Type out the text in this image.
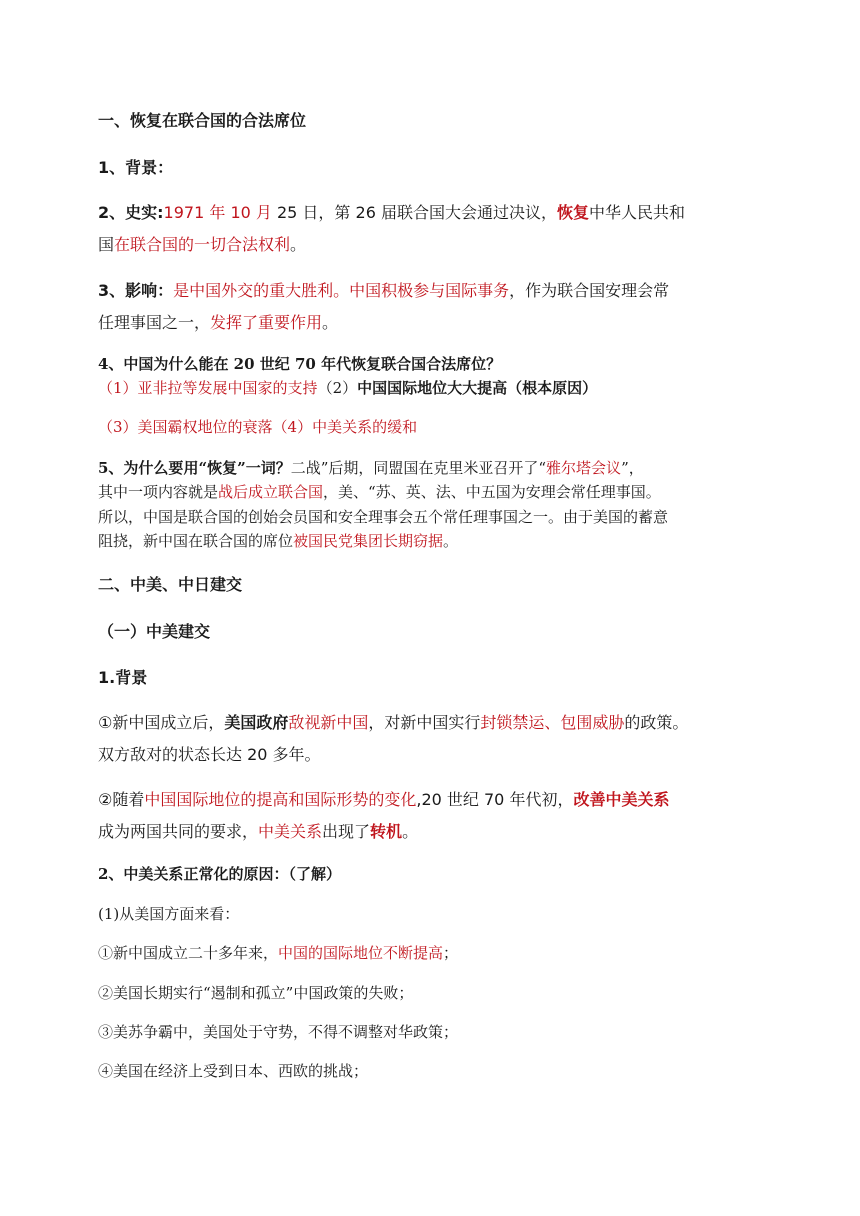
一、恢复在联合国的合法席位
1、背景：
2、史实:1971 年 10 月 25 日，第 26 届联合国大会通过决议，恢复中华人民共和
国在联合国的一切合法权利。
3、影响：是中国外交的重大胜利。中国积极参与国际事务，作为联合国安理会常
任理事国之一，发挥了重要作用。
4、中国为什么能在 20 世纪 70 年代恢复联合国合法席位？
（1）亚非拉等发展中国家的支持（2）中国国际地位大大提高（根本原因）
（3）美国霸权地位的衰落（4）中美关系的缓和
5、为什么要用“恢复”一词？二战”后期，同盟国在克里米亚召开了“雅尔塔会议”，
其中一项内容就是战后成立联合国，美、“苏、英、法、中五国为安理会常任理事国。
所以，中国是联合国的创始会员国和安全理事会五个常任理事国之一。由于美国的蓄意
阻挠，新中国在联合国的席位被国民党集团长期窃据。
二、中美、中日建交
（一）中美建交
1.背景
①新中国成立后，美国政府敌视新中国，对新中国实行封锁禁运、包围威胁的政策。
双方敌对的状态长达 20 多年。
②随着中国国际地位的提高和国际形势的变化,20 世纪 70 年代初，改善中美关系
成为两国共同的要求，中美关系出现了转机。
2、中美关系正常化的原因：（了解）
(1)从美国方面来看：
①新中国成立二十多年来，中国的国际地位不断提高；
②美国长期实行“遏制和孤立”中国政策的失败；
③美苏争霸中，美国处于守势，不得不调整对华政策；
④美国在经济上受到日本、西欧的挑战；
